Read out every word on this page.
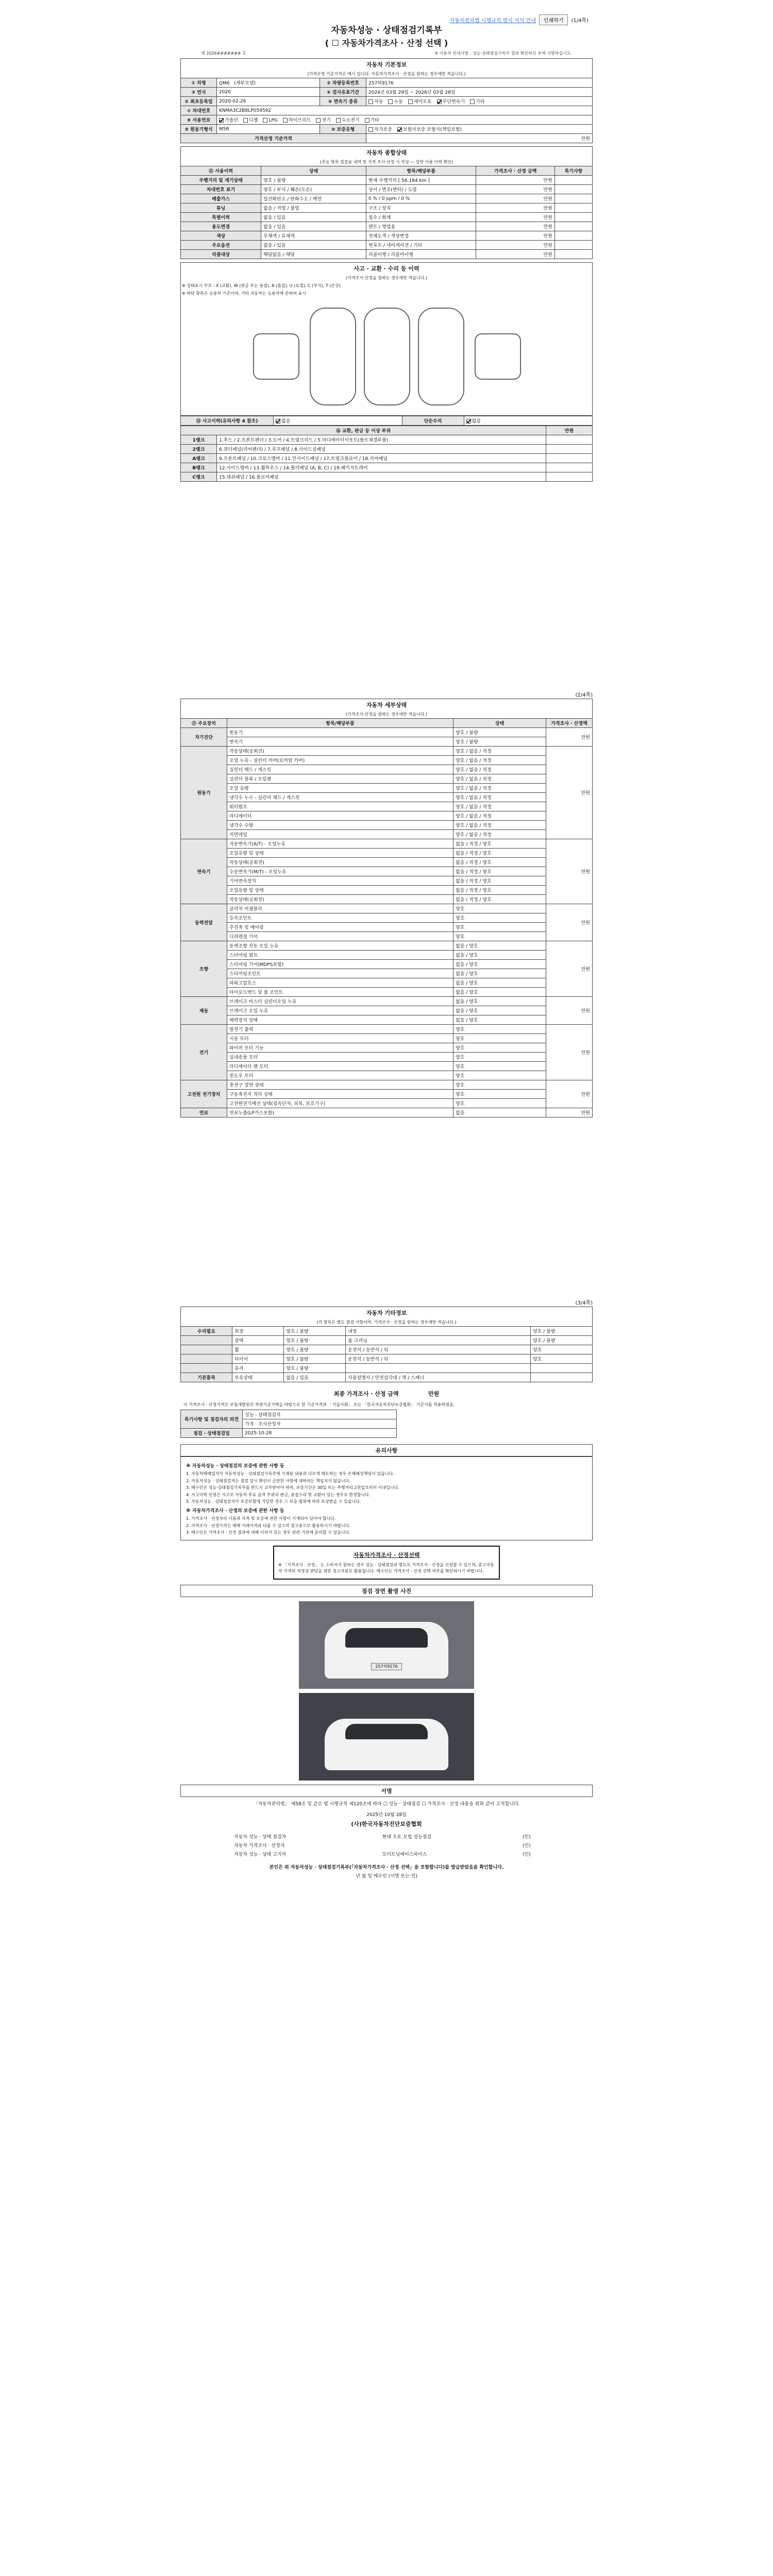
자동차관리법 시행규칙 별지 서식 안내	인쇄하기	(1/4쪽)
자동차성능 · 상태점검기록부
( ☐ 자동차가격조사 · 산정 선택 )
제 2026####### 호	※ 이용자 안내사항 : 성능·상태점검기록부 결과 확인하신 후에 서명하십시오.
자동차 기본정보
(가격산정 기준가격은 예시 입니다. 자동차가격조사 · 산정을 원하는 경우에만 적습니다.)
① 차명	QM6 (세부모델)	② 차량등록번호	257허9176
③ 연식	2020	④ 검사유효기간	2024년 03월 29일 ~ 2026년 03월 28일
⑤ 최초등록일	2020-02-26	⑥ 변속기 종류	자동 수동 세미오토 무단변속기 기타
⑦ 차대번호	KNMA3C2B8LP059592		
⑧ 사용연료	가솔린 디젤 LPG 하이브리드 전기 수소전기 기타		
⑨ 원동기형식	M5R	⑩ 보증유형	자가보증 보험사보증 보험사(책임보험)
가격산정 기준가격			만원
자동차 종합상태
(주요 항목 점검표 내역 및 가격 조사·산정 시 작성 — 일반 사용 이력 확인)
⑪ 사용이력	상태	항목/해당부품	가격조사 · 산정 금액	특기사항
주행거리 및 계기상태	양호 / 불량	현재 주행거리 [ 56,184 km ]	만원	
차대번호 표기	양호 / 부식 / 훼손(오손)	상이 / 변조(변타) / 도말	만원	
배출가스	일산화탄소 / 탄화수소 / 매연	0 % / 0 ppm / 0 %	만원	
튜닝	없음 / 적법 / 불법	구조 / 장치	만원	
특별이력	없음 / 있음	침수 / 화재	만원	
용도변경	없음 / 있음	렌트 / 영업용	만원	
색상	무채색 / 유채색	전체도색 / 색상변경	만원	
주요옵션	없음 / 있음	썬루프 / 네비게이션 / 기타	만원	
리콜대상	해당없음 / 해당	리콜이행 / 리콜미이행	만원	
사고 · 교환 · 수리 등 이력
(가격조사·산정을 원하는 경우에만 적습니다.)
※ 상태표시 부호 : X (교환), W (판금 또는 용접), A (흠집), U (요철), C (부식), T (손상)
※ 하단 항목은 승용차 기준이며, 기타 자동차는 승용차에 준하여 표시
⑮ 사고이력(유의사항 4 참조)	없음	단순수리	없음
⑯ 교환, 판금 등 이상 부위		만원
1랭크	1.후드 / 2.프론트펜더 / 3.도어 / 4.트렁크리드 / 5.라디에이터서포트(볼트체결부품)	
2랭크	6.쿼터패널(리어펜더) / 7.루프패널 / 8.사이드실패널	
A랭크	9.프론트패널 / 10.크로스멤버 / 11.인사이드패널 / 17.트렁크플로어 / 18.리어패널	
B랭크	12.사이드멤버 / 13.휠하우스 / 14.필러패널 (A, B, C) / 19.패키지트레이	
C랭크	15.대쉬패널 / 16.플로어패널	
(2/4쪽)
자동차 세부상태
(가격조사·산정을 원하는 경우에만 적습니다.)
⑰ 주요장치	항목/해당부품	상태	가격조사 · 산정액
자기진단	원동기	양호 / 불량	만원
	변속기	양호 / 불량	
원동기	작동상태(공회전)	양호 / 없음 / 적정	만원
	오일 누유 - 실린더 커버(로커암 커버)	양호 / 없음 / 적정	
	실린더 헤드 / 개스킷	양호 / 없음 / 적정	
	실린더 블록 / 오일팬	양호 / 없음 / 적정	
	오일 유량	양호 / 없음 / 적정	
	냉각수 누수 - 실린더 헤드 / 개스킷	양호 / 없음 / 적정	
	워터펌프	양호 / 없음 / 적정	
	라디에이터	양호 / 없음 / 적정	
	냉각수 수량	양호 / 없음 / 적정	
	커먼레일	양호 / 없음 / 적정	
변속기	자동변속기(A/T) - 오일누유	없음 / 적정 / 양호	만원
	오일유량 및 상태	없음 / 적정 / 양호	
	작동상태(공회전)	없음 / 적정 / 양호	
	수동변속기(M/T) - 오일누유	없음 / 적정 / 양호	
	기어변속장치	없음 / 적정 / 양호	
	오일유량 및 상태	없음 / 적정 / 양호	
	작동상태(공회전)	없음 / 적정 / 양호	
동력전달	클러치 어셈블리	양호	만원
	등속조인트	양호	
	추진축 및 베어링	양호	
	디퍼렌셜 기어	양호	
조향	동력조향 작동 오일 누유	없음 / 양호	만원
	스티어링 펌프	없음 / 양호	
	스티어링 기어(MDPS포함)	없음 / 양호	
	스티어링조인트	없음 / 양호	
	파워고압호스	없음 / 양호	
	타이로드엔드 및 볼 조인트	없음 / 양호	
제동	브레이크 마스터 실린더오일 누유	없음 / 양호	만원
	브레이크 오일 누유	없음 / 양호	
	배력장치 상태	없음 / 양호	
전기	발전기 출력	양호	만원
	시동 모터	양호	
	와이퍼 모터 기능	양호	
	실내송풍 모터	양호	
	라디에이터 팬 모터	양호	
	윈도우 모터	양호	
고전원 전기장치	충전구 절연 상태	양호	만원
	구동축전지 격리 상태	양호	
	고전원전기배선 상태(접속단자, 피복, 보호기구)	양호	
연료	연료누출(LP가스포함)	없음	만원
(3/4쪽)
자동차 기타정보
(각 항목은 별도 점검 사항이며, 가격조사 · 산정을 원하는 경우에만 적습니다.)
수리필요	외장	양호 / 불량	내장	양호 / 불량
	광택	양호 / 불량	룸 크리닝	양호 / 불량
	휠	양호 / 불량	운전석 / 동반석 / 뒤	양호
	타이어	양호 / 불량	운전석 / 동반석 / 뒤	양호
	유리	양호 / 불량		
기본품목	보유상태	없음 / 있음	사용설명서 / 안전삼각대 / 잭 / 스패너	
최종 가격조사 · 산정 금액	만원
이 가격조사 · 산정가격은 보험개발원의 차량기준가액을 바탕으로 한 기준가격과 「기술사회」 또는 「한국자동차진단보증협회」 기준서를 적용하였음.
특기사항 및 점검자의 의견	성능 · 상태점검자
	가격 · 조사산정자
점검 · 상태점검일	2025-10-28
유의사항
※ 자동차성능 · 상태점검의 보증에 관한 사항 등

1. 자동차매매업자가 자동차성능 · 상태점검기록부에 기재된 내용과 다르게 매도하는 경우 손해배상책임이 있습니다.

2. 자동차성능 · 상태점검자는 점검 당시 확인이 곤란한 사항에 대하여는 책임지지 않습니다.

3. 매수인은 성능·상태점검기록부를 반드시 교부받아야 하며, 보증기간은 30일 또는 주행거리 2천킬로미터 이내입니다.

4. 사고이력 인정은 사고로 자동차 주요 골격 부위의 판금, 용접수리 및 교환이 있는 경우로 한정합니다.

5. 자동차성능 · 상태점검자가 보증보험에 가입한 경우 그 보증 범위에 따라 보상받을 수 있습니다.

※ 자동차가격조사 · 산정의 보증에 관한 사항 등

1. 가격조사 · 산정자의 이름과 자격 및 보증에 관한 사항이 기재되어 있어야 합니다.

2. 가격조사 · 산정가격은 매매 거래가격과 다를 수 있으며 참고용으로 활용하시기 바랍니다.

3. 매수인은 가격조사 · 산정 결과에 대해 이의가 있는 경우 관련 기관에 문의할 수 있습니다.

자동차가격조사 · 산정선택
※ 「가격조사 · 산정」 는 소비자가 원하는 경우 성능 · 상태점검과 별도로 가격조사 · 산정을 신청할 수 있으며, 중고자동차 가격의 적정성 판단을 위한 참고자료로 활용됩니다. 매수인은 가격조사 · 산정 선택 여부를 확인하시기 바랍니다.
점검 장면 촬영 사진
257허9176
서명
「자동차관리법」 제58조 및 같은 법 시행규칙 제120조에 따라 ☐ 성능 · 상태점검 ☐ 가격조사 · 산정 내용을 위와 같이 고지합니다.
2025년 10월 28일
(사)한국자동차진단보증협회
자동차 성능 · 상태 점검자	현대 오토 모빌 성능점검	(인)
자동차 가격조사 · 산정자		(인)
자동차 성능 · 상태 고지자	모터트닝에이스파이스	(인)
본인은 위 자동차성능 · 상태점검기록부(「자동차가격조사 · 산정 선택」을 포함합니다)를 발급받았음을 확인합니다.
년 월 일 매수인 (서명 또는 인)
